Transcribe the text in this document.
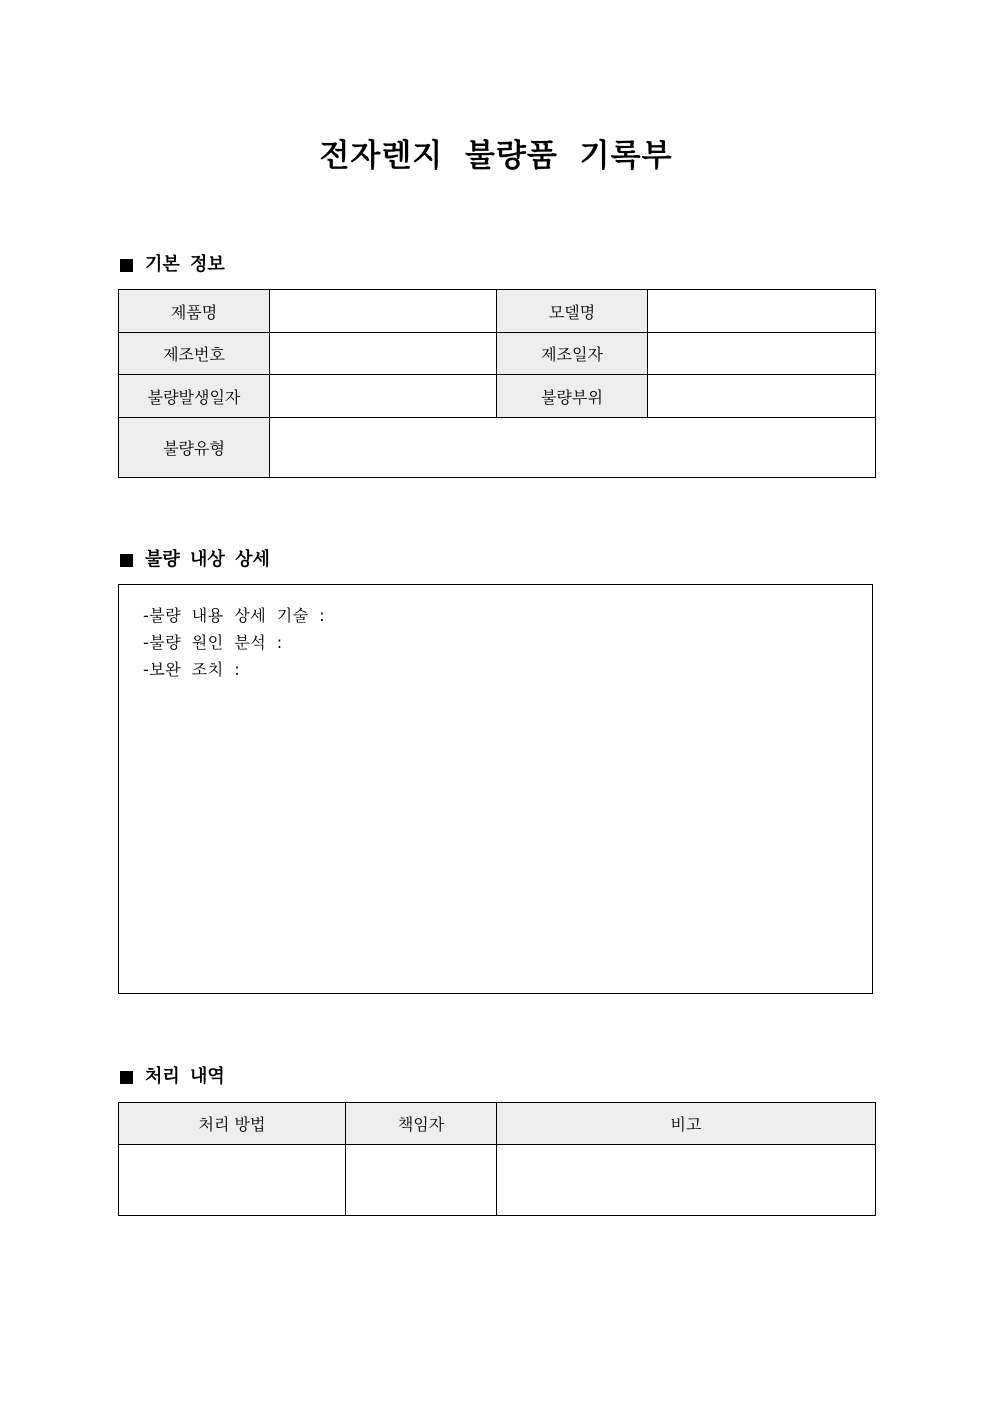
전자렌지 불량품 기록부
기본 정보
제품명		모델명	
제조번호		제조일자	
불량발생일자		불량부위	
불량유형			
불량 내상 상세
-불량 내용 상세 기술 :
-불량 원인 분석 :
-보완 조치 :
처리 내역
처리 방법	책임자	비고
